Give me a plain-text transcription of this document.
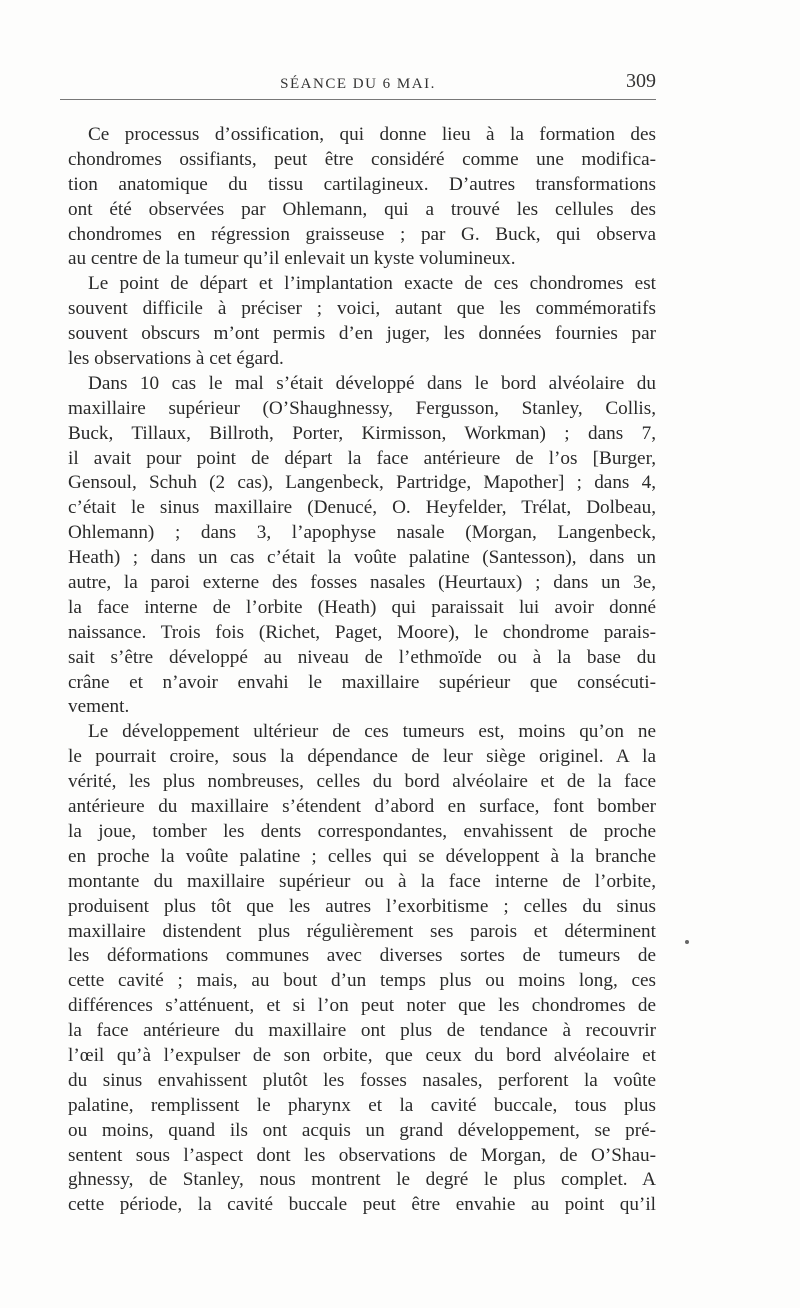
SÉANCE DU 6 MAI.	309
Ce processus d’ossification, qui donne lieu à la formation des
chondromes ossifiants, peut être considéré comme une modifica-
tion anatomique du tissu cartilagineux. D’autres transformations
ont été observées par Ohlemann, qui a trouvé les cellules des
chondromes en régression graisseuse ; par G. Buck, qui observa
au centre de la tumeur qu’il enlevait un kyste volumineux.
Le point de départ et l’implantation exacte de ces chondromes est
souvent difficile à préciser ; voici, autant que les commémoratifs
souvent obscurs m’ont permis d’en juger, les données fournies par
les observations à cet égard.
Dans 10 cas le mal s’était développé dans le bord alvéolaire du
maxillaire supérieur (O’Shaughnessy, Fergusson, Stanley, Collis,
Buck, Tillaux, Billroth, Porter, Kirmisson, Workman) ; dans 7,
il avait pour point de départ la face antérieure de l’os [Burger,
Gensoul, Schuh (2 cas), Langenbeck, Partridge, Mapother] ; dans 4,
c’était le sinus maxillaire (Denucé, O. Heyfelder, Trélat, Dolbeau,
Ohlemann) ; dans 3, l’apophyse nasale (Morgan, Langenbeck,
Heath) ; dans un cas c’était la voûte palatine (Santesson), dans un
autre, la paroi externe des fosses nasales (Heurtaux) ; dans un 3e,
la face interne de l’orbite (Heath) qui paraissait lui avoir donné
naissance. Trois fois (Richet, Paget, Moore), le chondrome parais-
sait s’être développé au niveau de l’ethmoïde ou à la base du
crâne et n’avoir envahi le maxillaire supérieur que consécuti-
vement.
Le développement ultérieur de ces tumeurs est, moins qu’on ne
le pourrait croire, sous la dépendance de leur siège originel. A la
vérité, les plus nombreuses, celles du bord alvéolaire et de la face
antérieure du maxillaire s’étendent d’abord en surface, font bomber
la joue, tomber les dents correspondantes, envahissent de proche
en proche la voûte palatine ; celles qui se développent à la branche
montante du maxillaire supérieur ou à la face interne de l’orbite,
produisent plus tôt que les autres l’exorbitisme ; celles du sinus
maxillaire distendent plus régulièrement ses parois et déterminent
les déformations communes avec diverses sortes de tumeurs de
cette cavité ; mais, au bout d’un temps plus ou moins long, ces
différences s’atténuent, et si l’on peut noter que les chondromes de
la face antérieure du maxillaire ont plus de tendance à recouvrir
l’œil qu’à l’expulser de son orbite, que ceux du bord alvéolaire et
du sinus envahissent plutôt les fosses nasales, perforent la voûte
palatine, remplissent le pharynx et la cavité buccale, tous plus
ou moins, quand ils ont acquis un grand développement, se pré-
sentent sous l’aspect dont les observations de Morgan, de O’Shau-
ghnessy, de Stanley, nous montrent le degré le plus complet. A
cette période, la cavité buccale peut être envahie au point qu’il
